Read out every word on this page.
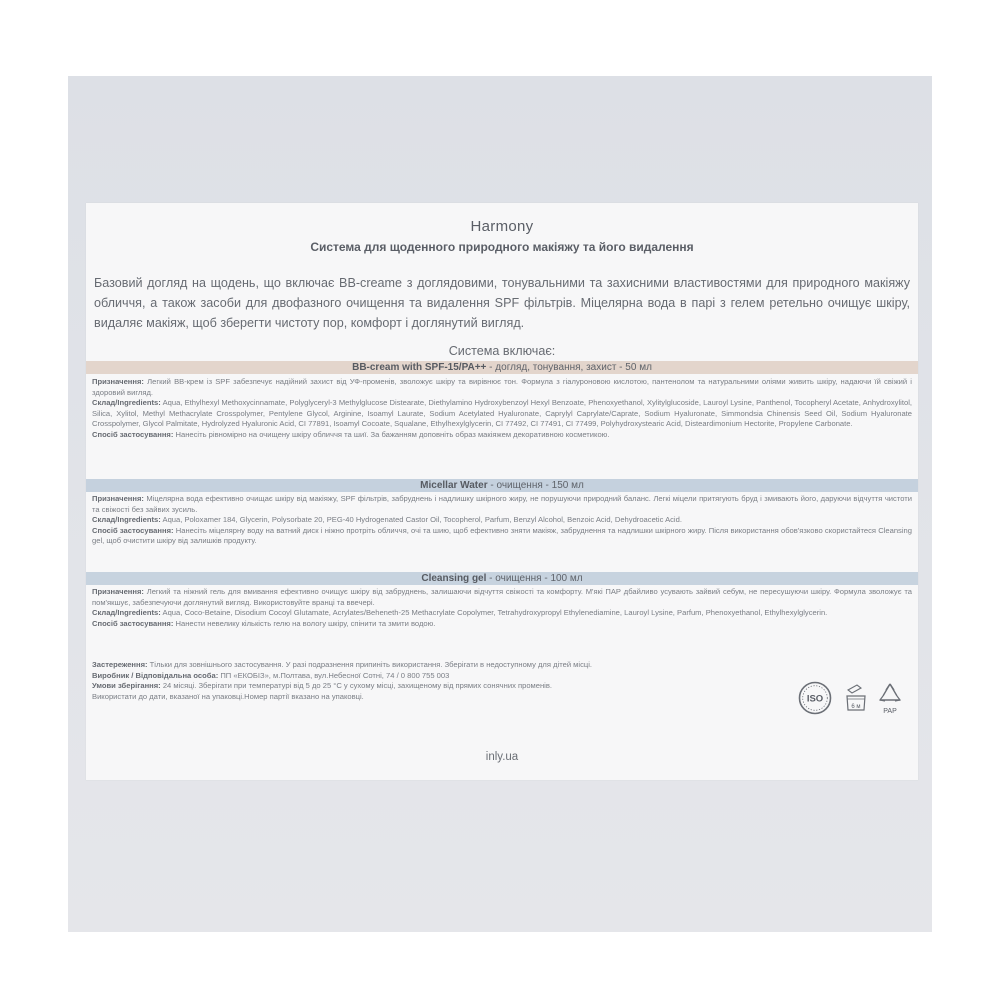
Harmony
Система для щоденного природного макіяжу та його видалення
Базовий догляд на щодень, що включає BB-creame з доглядовими, тонувальними та захисними властивостями для природного макіяжу обличчя, а також засоби для двофазного очищення та видалення SPF фільтрів. Міцелярна вода в парі з гелем ретельно очищує шкіру, видаляє макіяж, щоб зберегти чистоту пор, комфорт і доглянутий вигляд.
Система включає:
BB-cream with SPF-15/PA++ - догляд, тонування, захист - 50 мл

Призначення: Легкий BB-крем із SPF забезпечує надійний захист від УФ-променів, зволожує шкіру та вирівнює тон. Формула з гіалуроновою кислотою, пантенолом та натуральними оліями живить шкіру, надаючи їй свіжий і здоровий вигляд.

Склад/Ingredients: Aqua, Ethylhexyl Methoxycinnamate, Polyglyceryl-3 Methylglucose Distearate, Diethylamino Hydroxybenzoyl Hexyl Benzoate, Phenoxyethanol, Xylitylglucoside, Lauroyl Lysine, Panthenol, Tocopheryl Acetate, Anhydroxylitol, Silica, Xylitol, Methyl Methacrylate Crosspolymer, Pentylene Glycol, Arginine, Isoamyl Laurate, Sodium Acetylated Hyaluronate, Caprylyl Caprylate/Caprate, Sodium Hyaluronate, Simmondsia Chinensis Seed Oil, Sodium Hyaluronate Crosspolymer, Glycol Palmitate, Hydrolyzed Hyaluronic Acid, CI 77891, Isoamyl Cocoate, Squalane, Ethylhexylglycerin, CI 77492, CI 77491, CI 77499, Polyhydroxystearic Acid, Disteardimonium Hectorite, Propylene Carbonate.

Спосіб застосування: Нанесіть рівномірно на очищену шкіру обличчя та шиї. За бажанням доповніть образ макіяжем декоративною косметикою.

Micellar Water - очищення - 150 мл

Призначення: Міцелярна вода ефективно очищає шкіру від макіяжу, SPF фільтрів, забруднень і надлишку шкірного жиру, не порушуючи природний баланс. Легкі міцели притягують бруд і змивають його, даруючи відчуття чистоти та свіжості без зайвих зусиль.

Склад/Ingredients: Aqua, Poloxamer 184, Glycerin, Polysorbate 20, PEG-40 Hydrogenated Castor Oil, Tocopherol, Parfum, Benzyl Alcohol, Benzoic Acid, Dehydroacetic Acid.

Спосіб застосування: Нанесіть міцелярну воду на ватний диск і ніжно протріть обличчя, очі та шию, щоб ефективно зняти макіяж, забруднення та надлишки шкірного жиру. Після використання обов'язково скористайтеся Cleansing gel, щоб очистити шкіру від залишків продукту.

Cleansing gel - очищення - 100 мл

Призначення: Легкий та ніжний гель для вмивання ефективно очищує шкіру від забруднень, залишаючи відчуття свіжості та комфорту. М'які ПАР дбайливо усувають зайвий себум, не пересушуючи шкіру. Формула зволожує та пом'якшує, забезпечуючи доглянутий вигляд. Використовуйте вранці та ввечері.

Склад/Ingredients: Aqua, Coco-Betaine, Disodium Cocoyl Glutamate, Acrylates/Beheneth-25 Methacrylate Copolymer, Tetrahydroxypropyl Ethylenediamine, Lauroyl Lysine, Parfum, Phenoxyethanol, Ethylhexylglycerin.

Спосіб застосування: Нанести невелику кількість гелю на вологу шкіру, спінити та змити водою.

Застереження: Тільки для зовнішнього застосування. У разі подразнення припиніть використання. Зберігати в недоступному для дітей місці.

Виробник / Відповідальна особа: ПП «ЕКОБІЗ», м.Полтава, вул.Небесної Сотні, 74 / 0 800 755 003

Умови зберігання: 24 місяці. Зберігати при температурі від 5 до 25 °С у сухому місці, захищеному від прямих сонячних променів.

Використати до дати, вказаної на упаковці.Номер партії вказано на упаковці.	ISO
6 м
PAP
inly.ua
